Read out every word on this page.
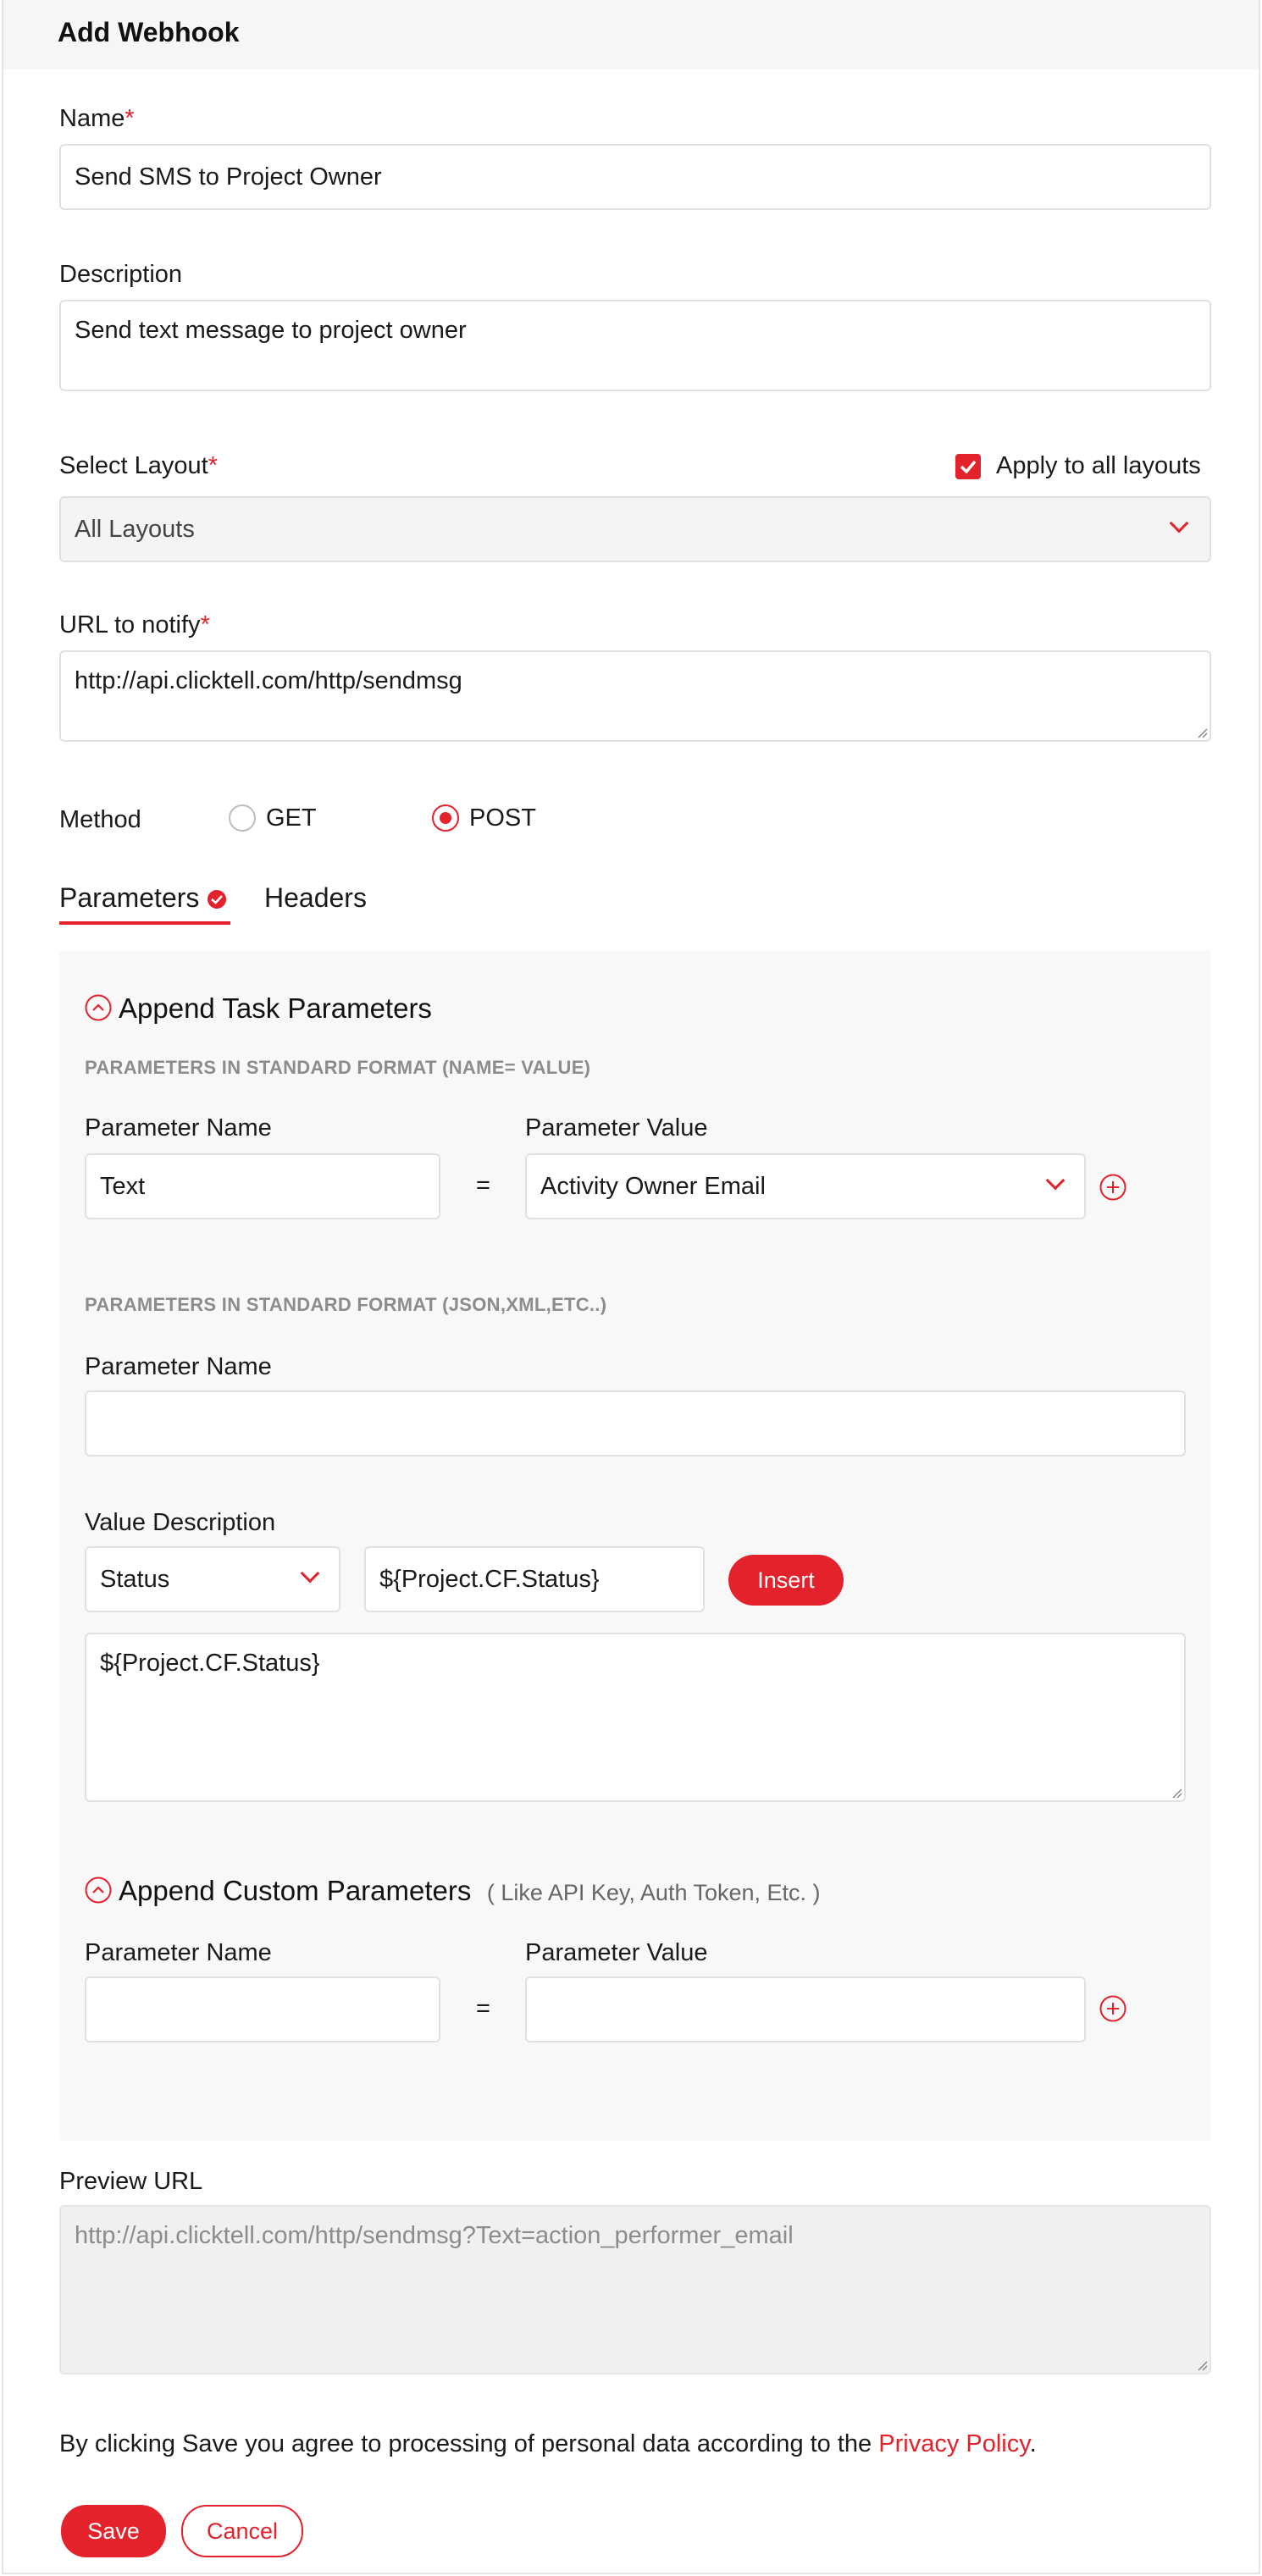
Add Webhook
Name*
Send SMS to Project Owner
Description
Send text message to project owner
Select Layout*	Apply to all layouts
All Layouts
URL to notify*
http://api.clicktell.com/http/sendmsg
Method	GET	POST
Parameters	Headers
Append Task Parameters
PARAMETERS IN STANDARD FORMAT (NAME= VALUE)
Parameter Name	Parameter Value
Text	= Activity Owner Email
PARAMETERS IN STANDARD FORMAT (JSON,XML,ETC..)
Parameter Name
Value Description
Status	${Project.CF.Status}	Insert
${Project.CF.Status}
Append Custom Parameters ( Like API Key, Auth Token, Etc. )
Parameter Name	Parameter Value
=
Preview URL
http://api.clicktell.com/http/sendmsg?Text=action_performer_email
By clicking Save you agree to processing of personal data according to the Privacy Policy.
Save	Cancel
